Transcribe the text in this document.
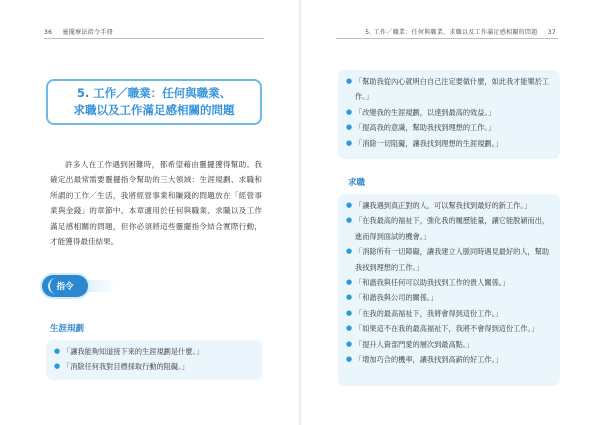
36 靈擺療法指令手冊
5. 工作／職業：任何與職業、
求職以及工作滿足感相關的問題

許多人在工作遇到困難時，都希望藉由靈擺獲得幫助。我確定出最常需要靈擺指令幫助的三大領域：生涯規劃、求職和所謂的工作／生活，我將經營事業和賺錢的問題放在「經營事業與金錢」的章節中。本章適用於任何與職業、求職以及工作滿足感相關的問題，但你必須將這些靈擺指令結合實際行動，才能獲得最佳結果。

指令
生涯規劃
● 「讓我能夠知道接下來的生涯規劃是什麼。」
● 「消除任何我對目標採取行動的阻礙。」
5. 工作／職業：任何與職業、求職以及工作滿足感相關的問題 37
● 「幫助我從內心就明白自己注定要做什麼，如此我才能樂於工作。」
● 「改變我的生涯規劃，以達到最高的效益。」
● 「提高我的意識，幫助我找到理想的工作。」
● 「消除一切阻礙，讓我找到理想的生涯規劃。」
求職
● 「讓我遇到真正對的人，可以幫我找到最好的新工作。」
● 「在我最高的福祉下，強化我的履歷能量，讓它能脫穎而出，進而得到面試的機會。」
● 「消除所有一切障礙，讓我建立人脈同時遇見最好的人，幫助我找到理想的工作。」
● 「和諧我與任何可以助我找到工作的貴人關係。」
● 「和諧我與公司的關係。」
● 「在我的最高福祉下，我將會得到這份工作。」
● 「如果這不在我的最高福祉下，我將不會得到這份工作。」
● 「提升人資部門愛的層次到最高點。」
● 「增加巧合的機率，讓我找到高薪的好工作。」
